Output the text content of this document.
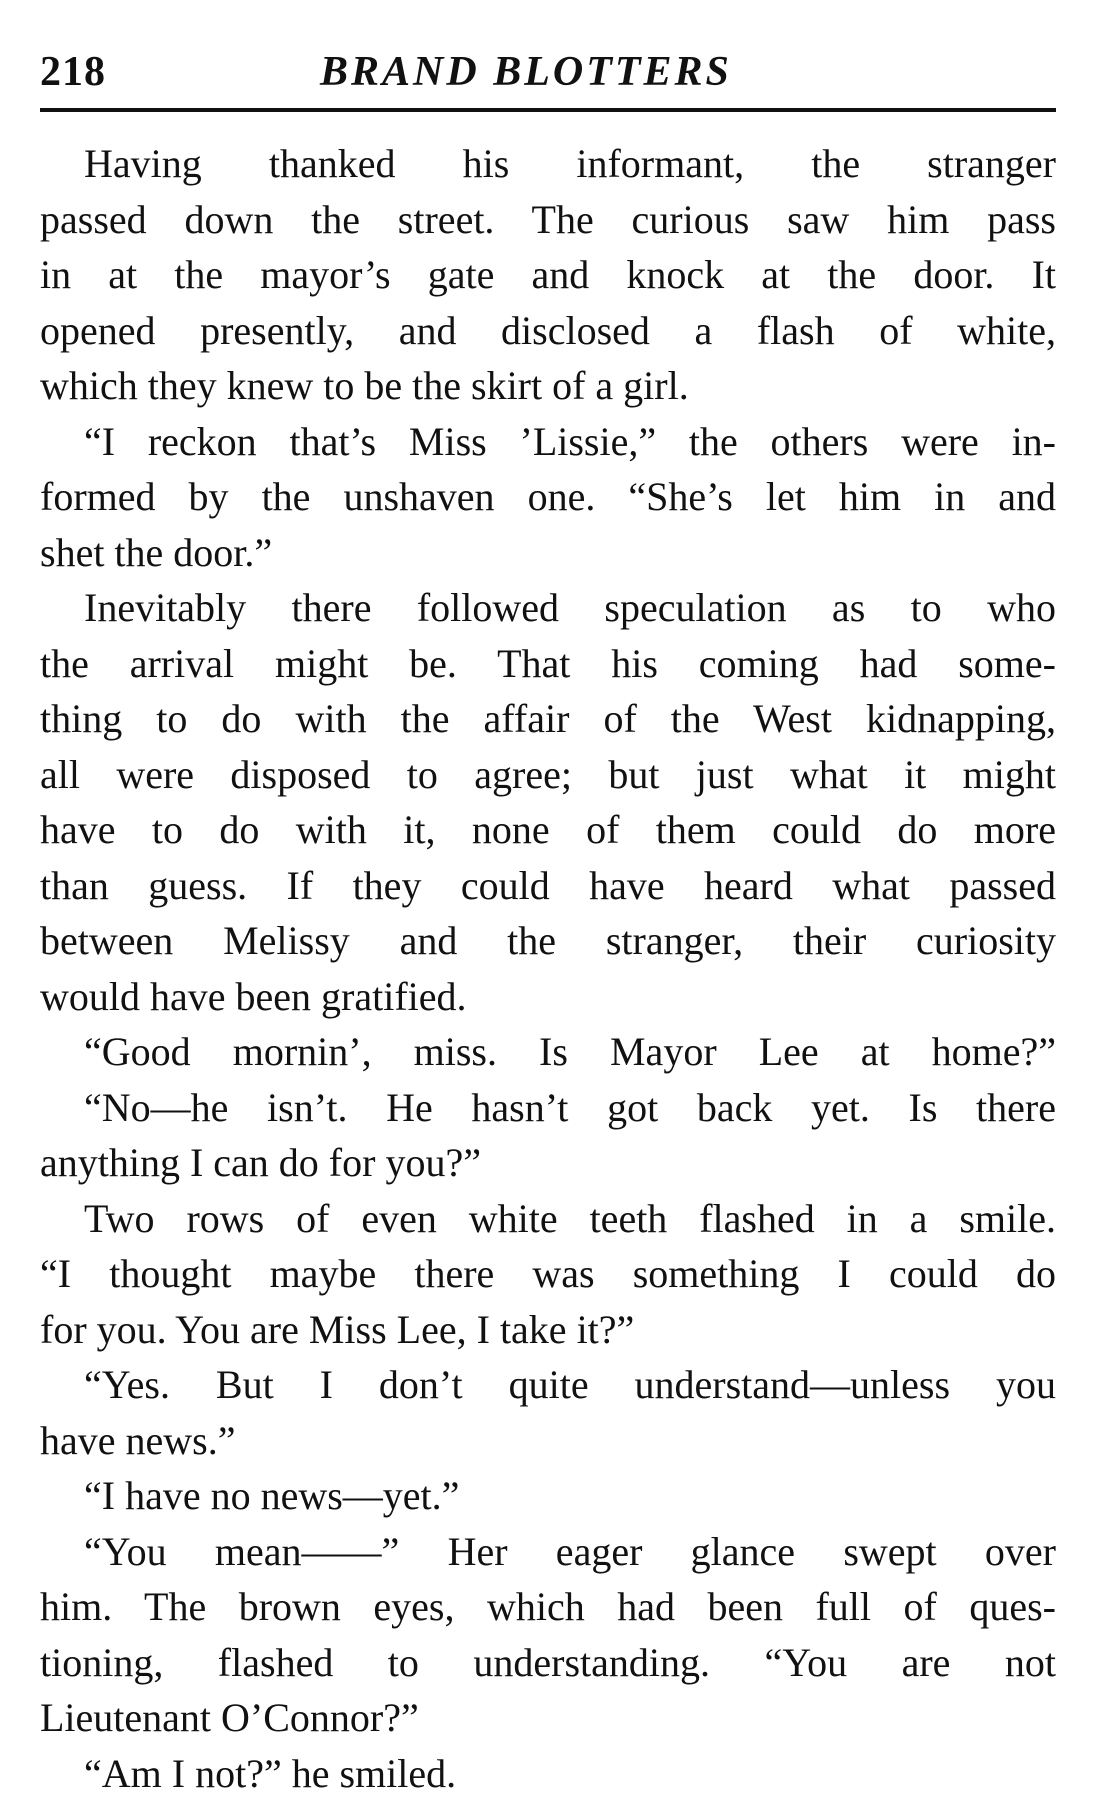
218	BRAND BLOTTERS
Having thanked his informant, the stranger
passed down the street. The curious saw him pass
in at the mayor’s gate and knock at the door. It
opened presently, and disclosed a flash of white,
which they knew to be the skirt of a girl.
“I reckon that’s Miss ’Lissie,” the others were in-
formed by the unshaven one. “She’s let him in and
shet the door.”
Inevitably there followed speculation as to who
the arrival might be. That his coming had some-
thing to do with the affair of the West kidnapping,
all were disposed to agree; but just what it might
have to do with it, none of them could do more
than guess. If they could have heard what passed
between Melissy and the stranger, their curiosity
would have been gratified.
“Good mornin’, miss. Is Mayor Lee at home?”
“No—he isn’t. He hasn’t got back yet. Is there
anything I can do for you?”
Two rows of even white teeth flashed in a smile.
“I thought maybe there was something I could do
for you. You are Miss Lee, I take it?”
“Yes. But I don’t quite understand—unless you
have news.”
“I have no news—yet.”
“You mean——” Her eager glance swept over
him. The brown eyes, which had been full of ques-
tioning, flashed to understanding. “You are not
Lieutenant O’Connor?”
“Am I not?” he smiled.
